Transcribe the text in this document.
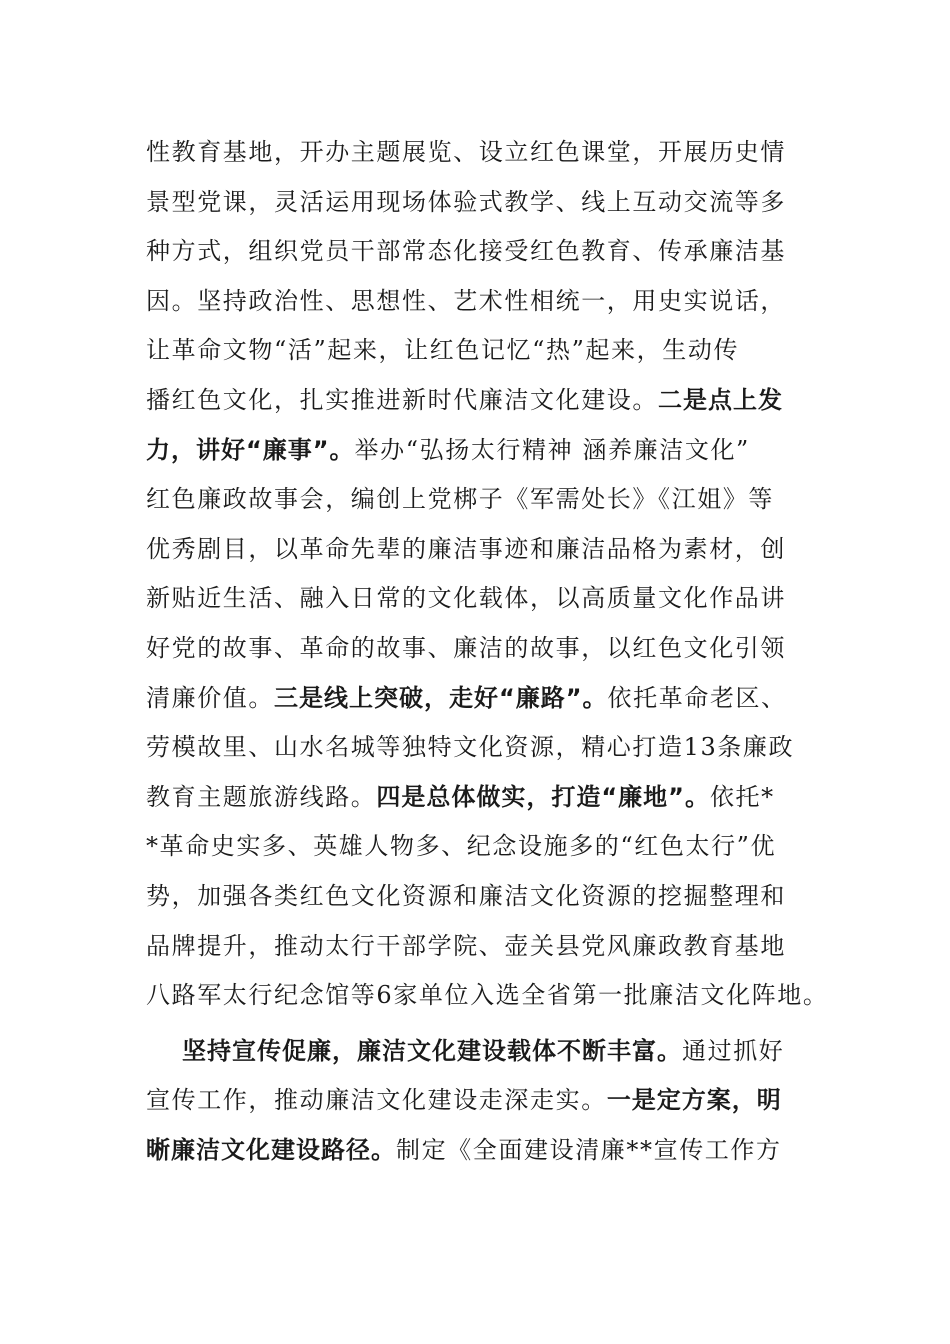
性教育基地，开办主题展览、设立红色课堂，开展历史情
景型党课，灵活运用现场体验式教学、线上互动交流等多
种方式，组织党员干部常态化接受红色教育、传承廉洁基
因。坚持政治性、思想性、艺术性相统一，用史实说话，
让革命文物“活”起来，让红色记忆“热”起来，生动传
播红色文化，扎实推进新时代廉洁文化建设。二是点上发
力，讲好“廉事”。举办“弘扬太行精神 涵养廉洁文化”
红色廉政故事会，编创上党梆子《军需处长》《江姐》等
优秀剧目，以革命先辈的廉洁事迹和廉洁品格为素材，创
新贴近生活、融入日常的文化载体，以高质量文化作品讲
好党的故事、革命的故事、廉洁的故事，以红色文化引领
清廉价值。三是线上突破，走好“廉路”。依托革命老区、
劳模故里、山水名城等独特文化资源，精心打造13条廉政
教育主题旅游线路。四是总体做实，打造“廉地”。依托*
*革命史实多、英雄人物多、纪念设施多的“红色太行”优
势，加强各类红色文化资源和廉洁文化资源的挖掘整理和
品牌提升，推动太行干部学院、壶关县党风廉政教育基地
八路军太行纪念馆等6家单位入选全省第一批廉洁文化阵地。
坚持宣传促廉，廉洁文化建设载体不断丰富。通过抓好
宣传工作，推动廉洁文化建设走深走实。一是定方案，明
晰廉洁文化建设路径。制定《全面建设清廉**宣传工作方
